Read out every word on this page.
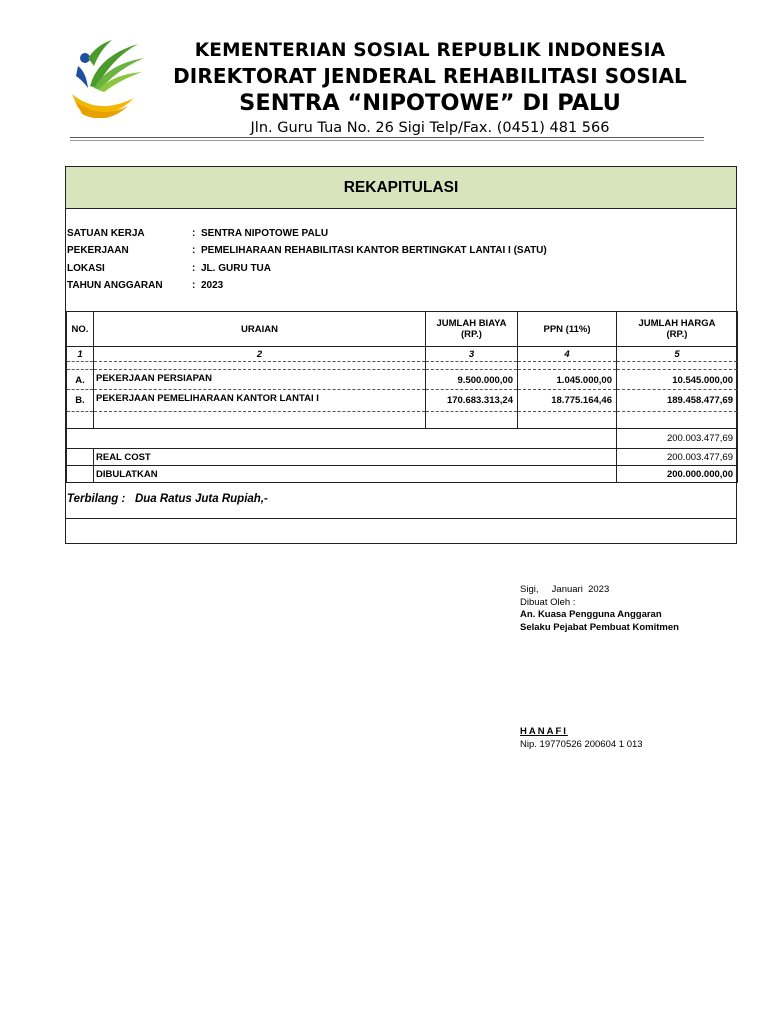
KEMENTERIAN SOSIAL REPUBLIK INDONESIA
DIREKTORAT JENDERAL REHABILITASI SOSIAL
SENTRA “NIPOTOWE” DI PALU
Jln. Guru Tua No. 26 Sigi Telp/Fax. (0451) 481 566
REKAPITULASI
SATUAN KERJA	: SENTRA NIPOTOWE PALU
PEKERJAAN	: PEMELIHARAAN REHABILITASI KANTOR BERTINGKAT LANTAI I (SATU)
LOKASI	: JL. GURU TUA
TAHUN ANGGARAN	: 2023
NO.	URAIAN	JUMLAH BIAYA (RP.)	PPN (11%)	JUMLAH HARGA (RP.)
1	2	3	4	5

A.	PEKERJAAN PERSIAPAN	9.500.000,00	1.045.000,00	10.545.000,00
B.	PEKERJAAN PEMELIHARAAN KANTOR LANTAI I	170.683.313,24	18.775.164,46	189.458.477,69

				200.003.477,69
	REAL COST			200.003.477,69
	DIBULATKAN			200.000.000,00
Terbilang :   Dua Ratus Juta Rupiah,-
Sigi,     Januari  2023
Dibuat Oleh :
An. Kuasa Pengguna Anggaran
Selaku Pejabat Pembuat Komitmen
HANAFI
Nip. 19770526 200604 1 013
